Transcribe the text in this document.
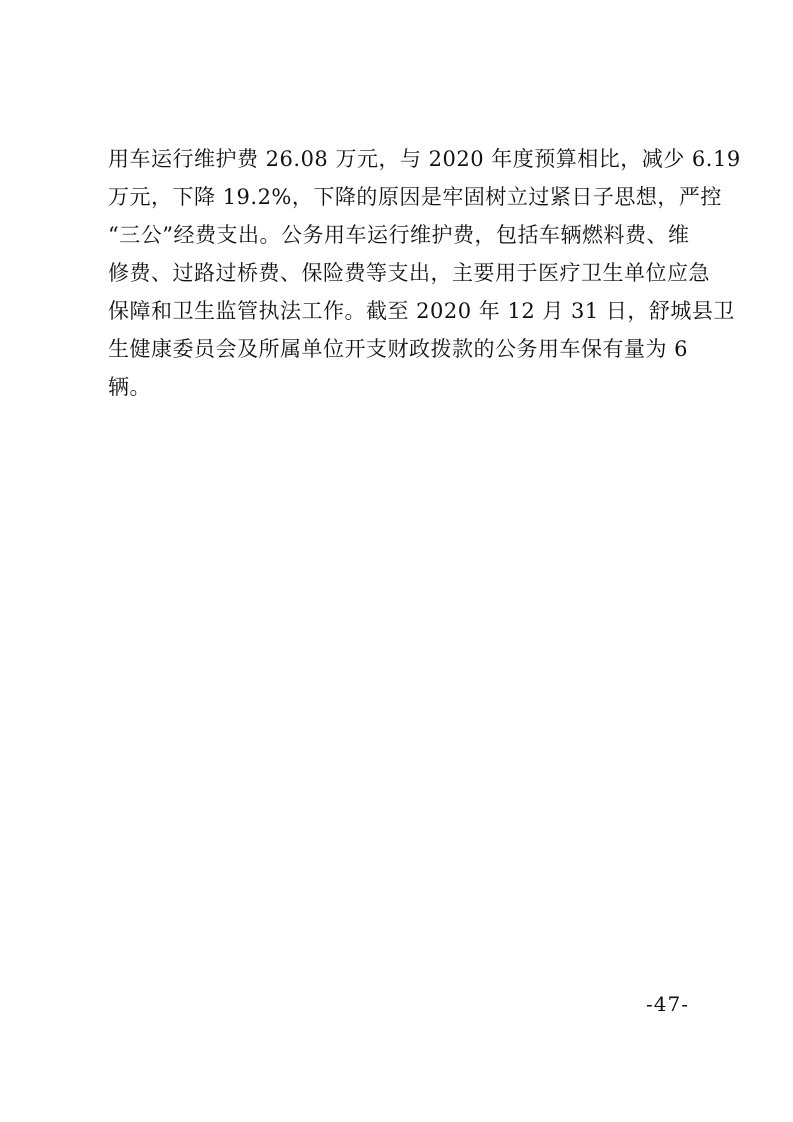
用车运行维护费 26.08 万元，与 2020 年度预算相比，减少 6.19
万元，下降 19.2%，下降的原因是牢固树立过紧日子思想，严控
“三公”经费支出。公务用车运行维护费，包括车辆燃料费、维
修费、过路过桥费、保险费等支出，主要用于医疗卫生单位应急
保障和卫生监管执法工作。截至 2020 年 12 月 31 日，舒城县卫
生健康委员会及所属单位开支财政拨款的公务用车保有量为 6
辆。
-47-
